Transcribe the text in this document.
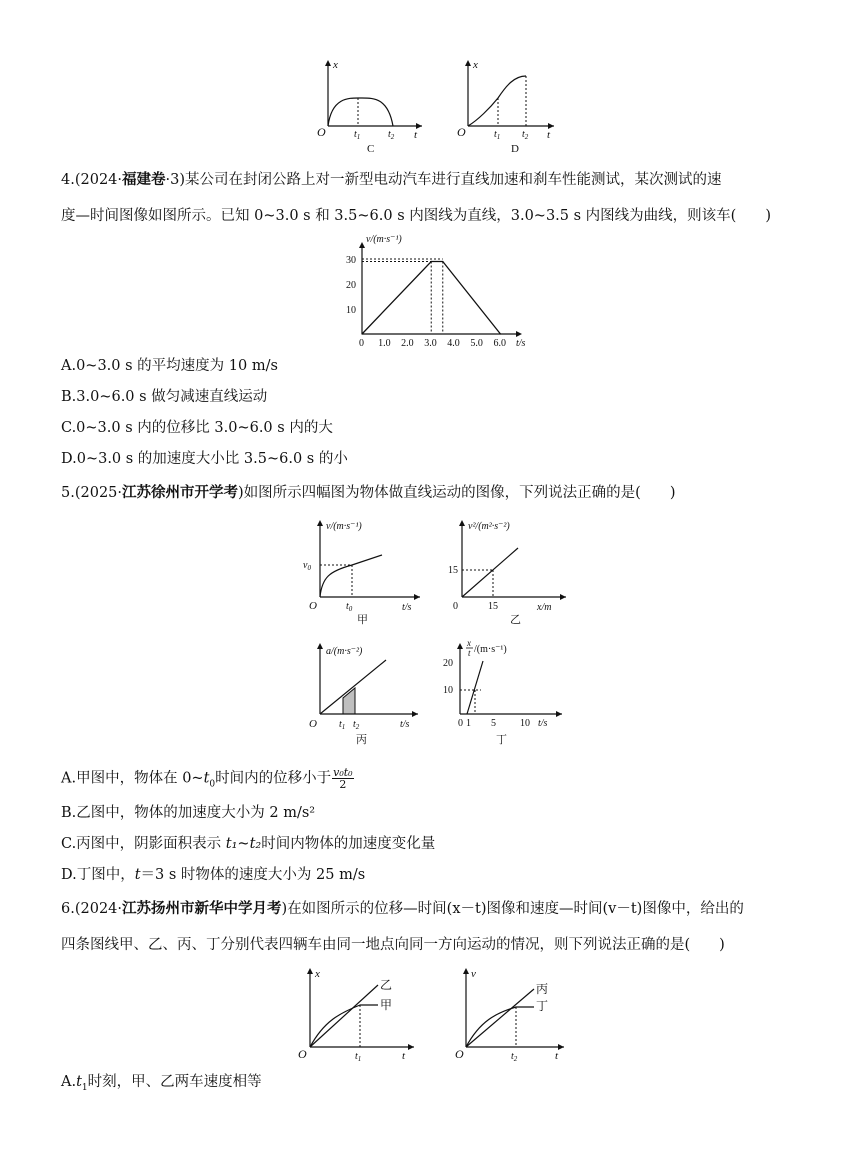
x
t
O	$t_1$	$t_2$
C
x
t
O	$t_1$ $t_2$
D
4.(2024·福建卷·3)某公司在封闭公路上对一新型电动汽车进行直线加速和刹车性能测试，某次测试的速
度—时间图像如图所示。已知 0~3.0 s 和 3.5~6.0 s 内图线为直线，3.0~3.5 s 内图线为曲线，则该车(　　)
v/(m·s⁻¹)
t/s
0 1.0 2.0 3.0 4.0 5.0 6.0
10
20
30
A.0~3.0 s 的平均速度为 10 m/s
B.3.0~6.0 s 做匀减速直线运动
C.0~3.0 s 内的位移比 3.0~6.0 s 内的大
D.0~3.0 s 的加速度大小比 3.5~6.0 s 的小
5.(2025·江苏徐州市开学考)如图所示四幅图为物体做直线运动的图像，下列说法正确的是(　　)
v/(m·s⁻¹)
$v_0$
$t_0$	t/s
O
甲
v²/(m²·s⁻²)
15
15	x/m
0
乙
a/(m·s⁻²)
O $t_1$ $t_2$	t/s
丙
x
t /(m·s⁻¹)
10
20
0 1 5 10 t/s
丁
A.甲图中，物体在 $0\sim t_0$时间内的位移小于 $\frac{\text{v₀t₀}}{2}$
B.乙图中，物体的加速度大小为 2 m/s²
C.丙图中，阴影面积表示 t₁~t₂时间内物体的加速度变化量
D.丁图中，t＝3 s 时物体的速度大小为 25 m/s
6.(2024·江苏扬州市新华中学月考)在如图所示的位移—时间(x－t)图像和速度—时间(v－t)图像中，给出的
四条图线甲、乙、丙、丁分别代表四辆车由同一地点向同一方向运动的情况，则下列说法正确的是(　　)
x
t
O
乙
甲
$t_1$
v
t
O
丙
丁
$t_2$
$A.t_1$时刻，甲、乙两车速度相等
